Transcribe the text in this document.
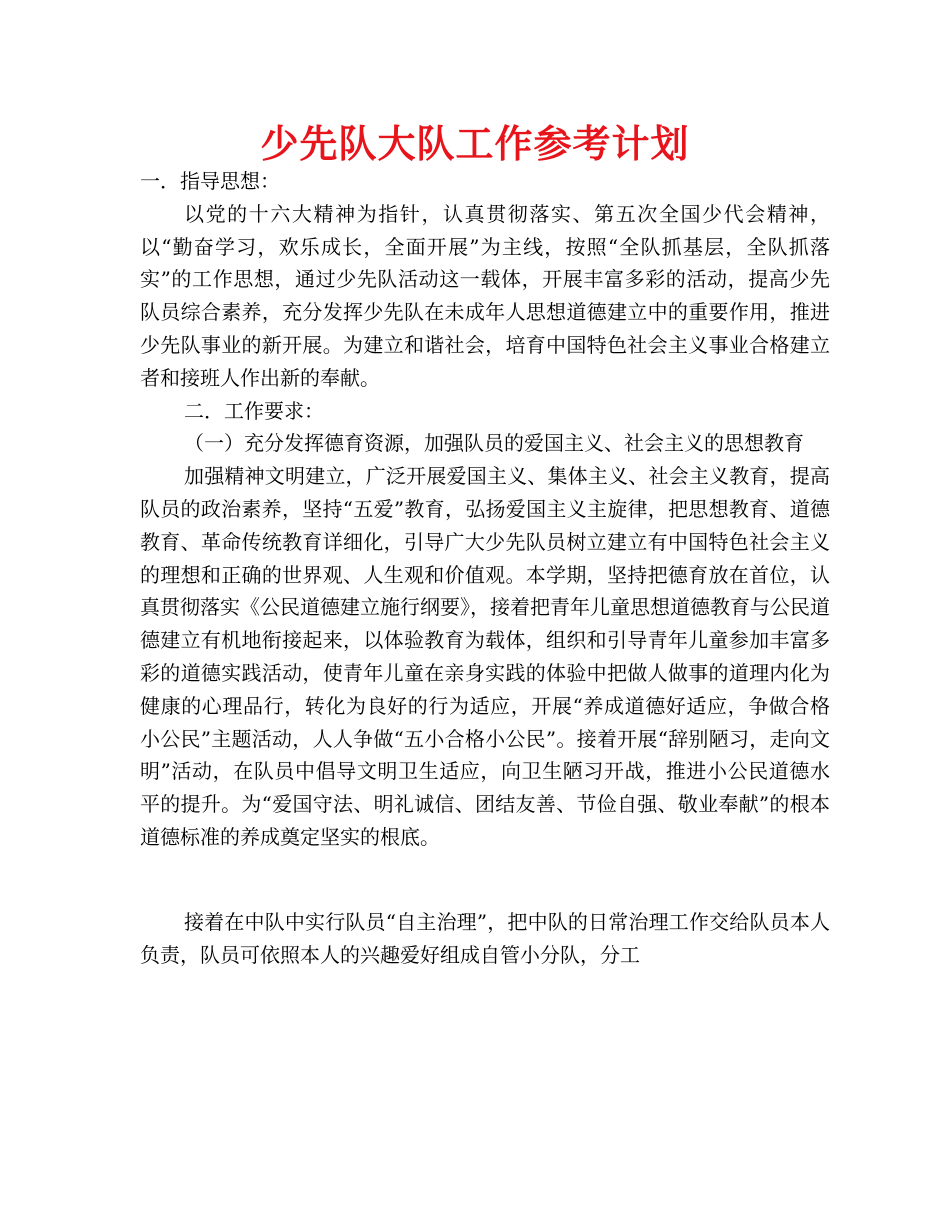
少先队大队工作参考计划

一．指导思想：

以党的十六大精神为指针，认真贯彻落实、第五次全国少代会精神，以“勤奋学习，欢乐成长，全面开展”为主线，按照“全队抓基层，全队抓落实”的工作思想，通过少先队活动这一载体，开展丰富多彩的活动，提高少先队员综合素养，充分发挥少先队在未成年人思想道德建立中的重要作用，推进少先队事业的新开展。为建立和谐社会，培育中国特色社会主义事业合格建立者和接班人作出新的奉献。

二．工作要求：

（一）充分发挥德育资源，加强队员的爱国主义、社会主义的思想教育

加强精神文明建立，广泛开展爱国主义、集体主义、社会主义教育，提高队员的政治素养，坚持“五爱”教育，弘扬爱国主义主旋律，把思想教育、道德教育、革命传统教育详细化，引导广大少先队员树立建立有中国特色社会主义的理想和正确的世界观、人生观和价值观。本学期，坚持把德育放在首位，认真贯彻落实《公民道德建立施行纲要》，接着把青年儿童思想道德教育与公民道德建立有机地衔接起来，以体验教育为载体，组织和引导青年儿童参加丰富多彩的道德实践活动，使青年儿童在亲身实践的体验中把做人做事的道理内化为健康的心理品行，转化为良好的行为适应，开展“养成道德好适应，争做合格小公民”主题活动，人人争做“五小合格小公民”。接着开展“辞别陋习，走向文明”活动，在队员中倡导文明卫生适应，向卫生陋习开战，推进小公民道德水平的提升。为“爱国守法、明礼诚信、团结友善、节俭自强、敬业奉献”的根本道德标准的养成奠定坚实的根底。

接着在中队中实行队员“自主治理”，把中队的日常治理工作交给队员本人负责，队员可依照本人的兴趣爱好组成自管小分队，分工
